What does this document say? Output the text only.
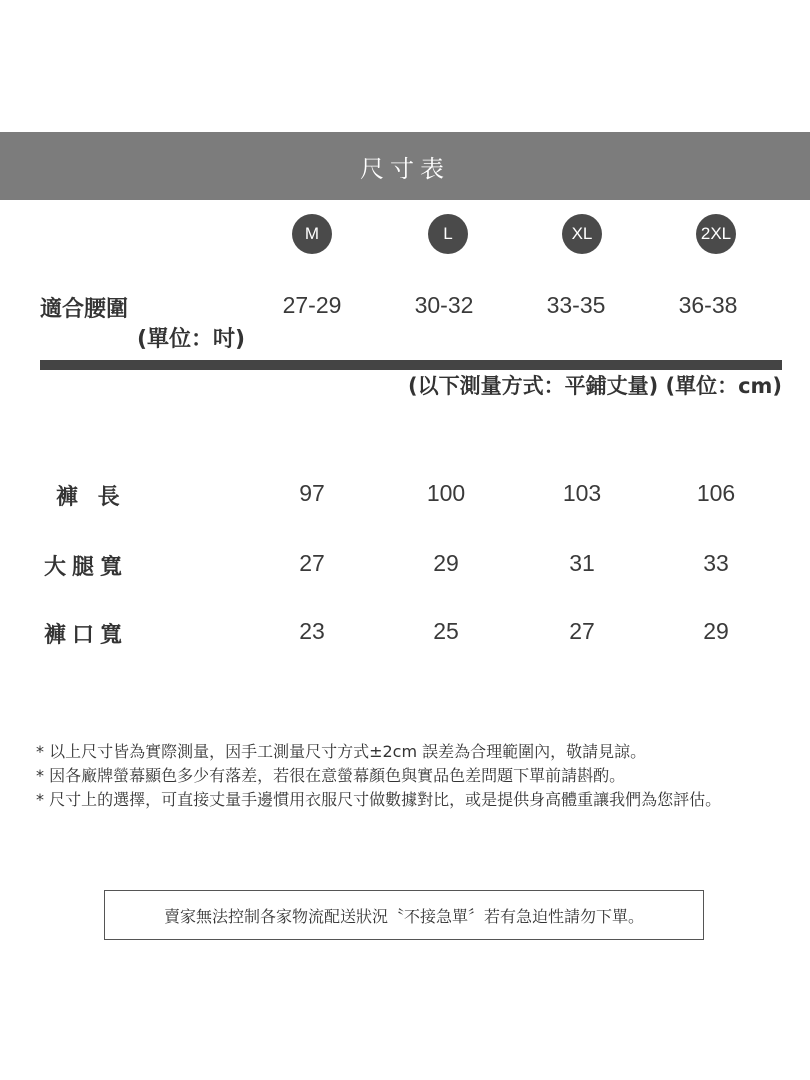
尺寸表
M	L	XL	2XL
適合腰圍
(單位：吋)
27-29	30-32	33-35	36-38
(以下測量方式：平鋪丈量) (單位：cm)
褲 長	97	100	103	106
大腿寬	27	29	31	33
褲口寬	23	25	27	29
* 以上尺寸皆為實際測量，因手工測量尺寸方式±2cm 誤差為合理範圍內，敬請見諒。
* 因各廠牌螢幕顯色多少有落差，若很在意螢幕顏色與實品色差問題下單前請斟酌。
* 尺寸上的選擇，可直接丈量手邊慣用衣服尺寸做數據對比，或是提供身高體重讓我們為您評估。
賣家無法控制各家物流配送狀況〝不接急單〞若有急迫性請勿下單。
